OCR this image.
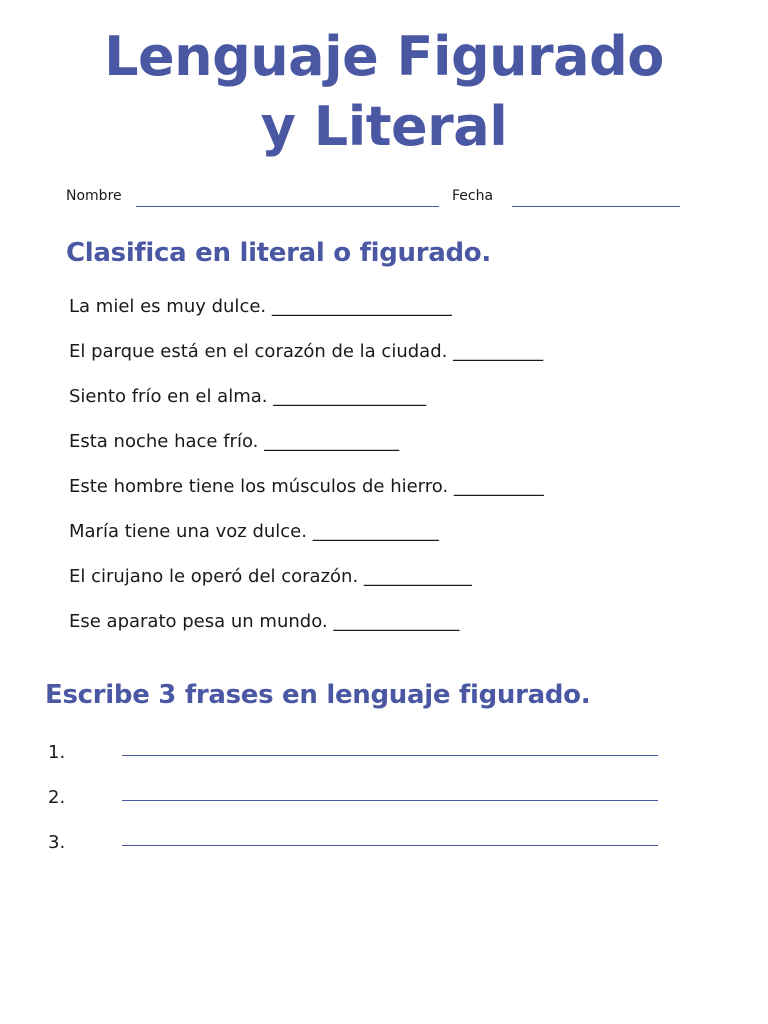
Lenguaje Figurado
y Literal
Nombre	Fecha
Clasifica en literal o figurado.
La miel es muy dulce. ____________________
El parque está en el corazón de la ciudad. __________
Siento frío en el alma. _________________
Esta noche hace frío. _______________
Este hombre tiene los músculos de hierro. __________
María tiene una voz dulce. ______________
El cirujano le operó del corazón. ____________
Ese aparato pesa un mundo. ______________
Escribe 3 frases en lenguaje figurado.
1.
2.
3.
